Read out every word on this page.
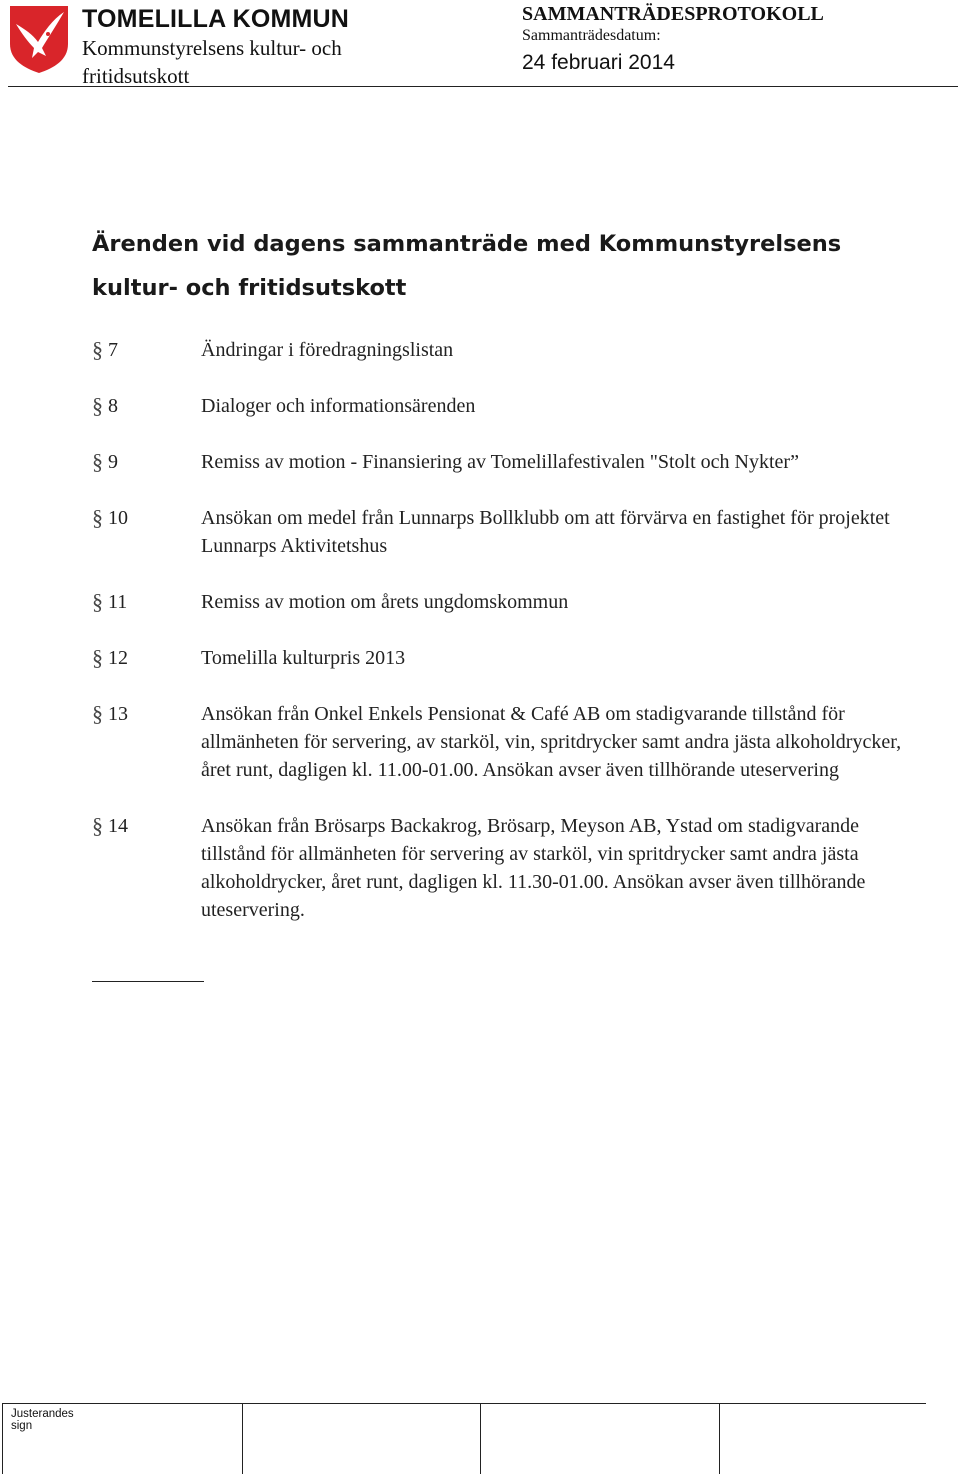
TOMELILLA KOMMUN
Kommunstyrelsens kultur- och fritidsutskott
SAMMANTRÄDESPROTOKOLL
Sammanträdesdatum:
24 februari 2014
Ärenden vid dagens sammanträde med Kommunstyrelsens kultur- och fritidsutskott
§ 7	Ändringar i föredragningslistan
§ 8	Dialoger och informationsärenden
§ 9	Remiss av motion - Finansiering av Tomelillafestivalen "Stolt och Nykter”
§ 10	Ansökan om medel från Lunnarps Bollklubb om att förvärva en fastighet för projektet Lunnarps Aktivitetshus
§ 11	Remiss av motion om årets ungdomskommun
§ 12	Tomelilla kulturpris 2013
§ 13	Ansökan från Onkel Enkels Pensionat & Café AB om stadigvarande tillstånd för allmänheten för servering, av starköl, vin, spritdrycker samt andra jästa alkoholdrycker, året runt, dagligen kl. 11.00-01.00. Ansökan avser även tillhörande uteservering
§ 14	Ansökan från Brösarps Backakrog, Brösarp, Meyson AB, Ystad om stadigvarande tillstånd för allmänheten för servering av starköl, vin spritdrycker samt andra jästa alkoholdrycker, året runt, dagligen kl. 11.30-01.00. Ansökan avser även tillhörande uteservering.
Justerandes sign
